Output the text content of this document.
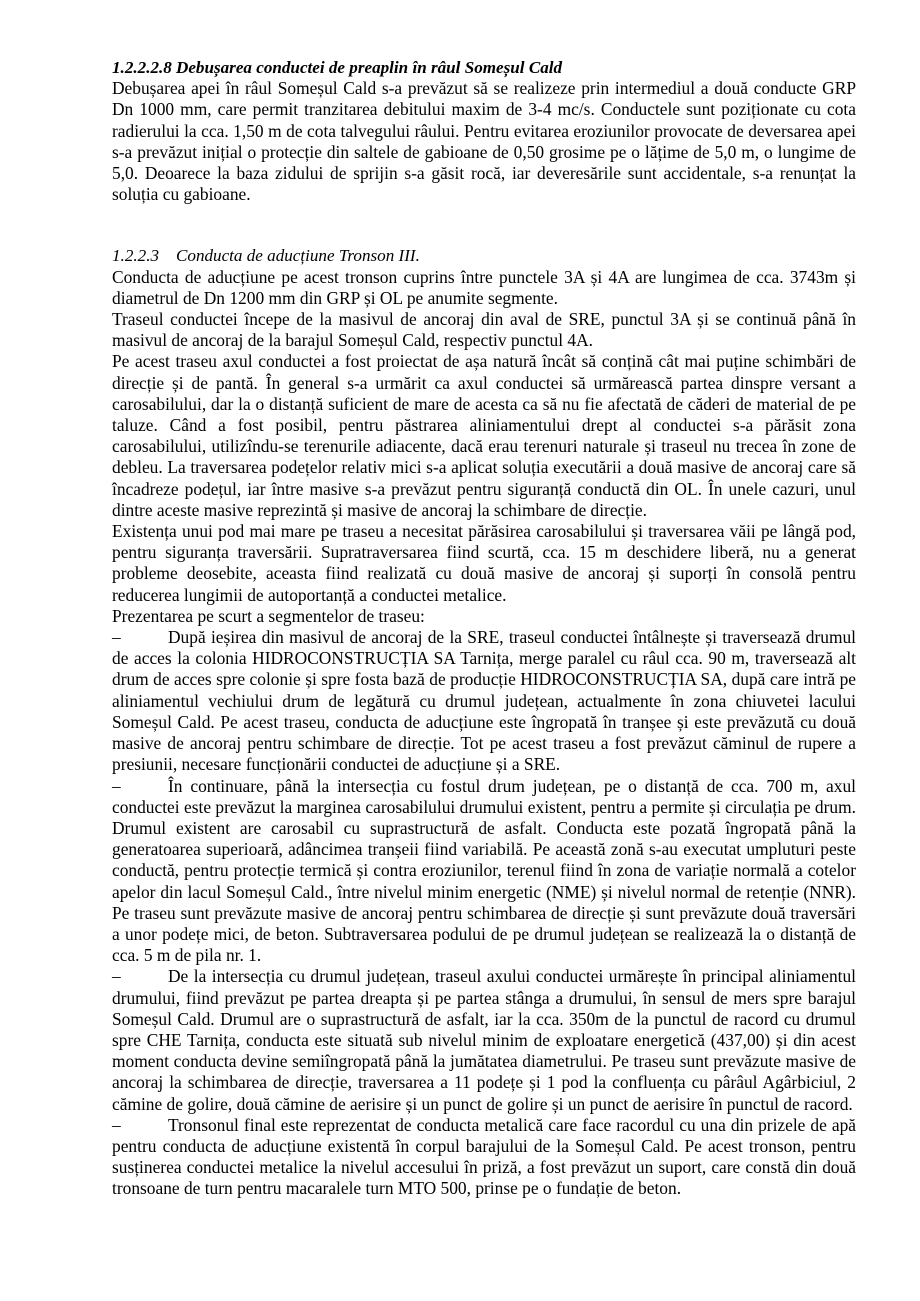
1.2.2.2.8 Debușarea conductei de preaplin în râul Someșul Cald

Debușarea apei în râul Someșul Cald s-a prevăzut să se realizeze prin intermediul a două conducte GRP Dn 1000 mm, care permit tranzitarea debitului maxim de 3-4 mc/s. Conductele sunt poziționate cu cota radierului la cca. 1,50 m de cota talvegului râului. Pentru evitarea eroziunilor provocate de deversarea apei s-a prevăzut inițial o protecție din saltele de gabioane de 0,50 grosime pe o lățime de 5,0 m, o lungime de 5,0. Deoarece la baza zidului de sprijin s-a găsit rocă, iar deveresările sunt accidentale, s-a renunțat la soluția cu gabioane.

1.2.2.3 Conducta de aducțiune Tronson III.

Conducta de aducțiune pe acest tronson cuprins între punctele 3A și 4A are lungimea de cca. 3743m și diametrul de Dn 1200 mm din GRP și OL pe anumite segmente.

Traseul conductei începe de la masivul de ancoraj din aval de SRE, punctul 3A și se continuă până în masivul de ancoraj de la barajul Someșul Cald, respectiv punctul 4A.

Pe acest traseu axul conductei a fost proiectat de așa natură încât să conțină cât mai puține schimbări de direcție și de pantă. În general s-a urmărit ca axul conductei să urmărească partea dinspre versant a carosabilului, dar la o distanță suficient de mare de acesta ca să nu fie afectată de căderi de material de pe taluze. Când a fost posibil, pentru păstrarea aliniamentului drept al conductei s-a părăsit zona carosabilului, utilizîndu-se terenurile adiacente, dacă erau terenuri naturale și traseul nu trecea în zone de debleu. La traversarea podețelor relativ mici s-a aplicat soluția executării a două masive de ancoraj care să încadreze podețul, iar între masive s-a prevăzut pentru siguranță conductă din OL. În unele cazuri, unul dintre aceste masive reprezintă și masive de ancoraj la schimbare de direcție.

Existența unui pod mai mare pe traseu a necesitat părăsirea carosabilului și traversarea văii pe lângă pod, pentru siguranța traversării. Supratraversarea fiind scurtă, cca. 15 m deschidere liberă, nu a generat probleme deosebite, aceasta fiind realizată cu două masive de ancoraj și suporți în consolă pentru reducerea lungimii de autoportanță a conductei metalice.

Prezentarea pe scurt a segmentelor de traseu:

–	După ieșirea din masivul de ancoraj de la SRE, traseul conductei întâlnește și traversează drumul de acces la colonia HIDROCONSTRUCȚIA SA Tarnița, merge paralel cu râul cca. 90 m, traversează alt drum de acces spre colonie și spre fosta bază de producție HIDROCONSTRUCȚIA SA, după care intră pe aliniamentul vechiului drum de legătură cu drumul județean, actualmente în zona chiuvetei lacului Someșul Cald. Pe acest traseu, conducta de aducțiune este îngropată în tranșee și este prevăzută cu două masive de ancoraj pentru schimbare de direcție. Tot pe acest traseu a fost prevăzut căminul de rupere a presiunii, necesare funcționării conductei de aducțiune și a SRE.

–	În continuare, până la intersecția cu fostul drum județean, pe o distanță de cca. 700 m, axul conductei este prevăzut la marginea carosabilului drumului existent, pentru a permite și circulația pe drum. Drumul existent are carosabil cu suprastructură de asfalt. Conducta este pozată îngropată până la generatoarea superioară, adâncimea tranșeii fiind variabilă. Pe această zonă s-au executat umpluturi peste conductă, pentru protecție termică și contra eroziunilor, terenul fiind în zona de variație normală a cotelor apelor din lacul Someșul Cald., între nivelul minim energetic (NME) și nivelul normal de retenție (NNR). Pe traseu sunt prevăzute masive de ancoraj pentru schimbarea de direcție și sunt prevăzute două traversări a unor podețe mici, de beton. Subtraversarea podului de pe drumul județean se realizează la o distanță de cca. 5 m de pila nr. 1.

–	De la intersecția cu drumul județean, traseul axului conductei urmărește în principal aliniamentul drumului, fiind prevăzut pe partea dreapta și pe partea stânga a drumului, în sensul de mers spre barajul Someșul Cald. Drumul are o suprastructură de asfalt, iar la cca. 350m de la punctul de racord cu drumul spre CHE Tarnița, conducta este situată sub nivelul minim de exploatare energetică (437,00) și din acest moment conducta devine semiîngropată până la jumătatea diametrului. Pe traseu sunt prevăzute masive de ancoraj la schimbarea de direcție, traversarea a 11 podețe și 1 pod la confluența cu pârâul Agârbiciul, 2 cămine de golire, două cămine de aerisire și un punct de golire și un punct de aerisire în punctul de racord.

–	Tronsonul final este reprezentat de conducta metalică care face racordul cu una din prizele de apă pentru conducta de aducțiune existentă în corpul barajului de la Someșul Cald. Pe acest tronson, pentru susținerea conductei metalice la nivelul accesului în priză, a fost prevăzut un suport, care constă din două tronsoane de turn pentru macaralele turn MTO 500, prinse pe o fundație de beton.
